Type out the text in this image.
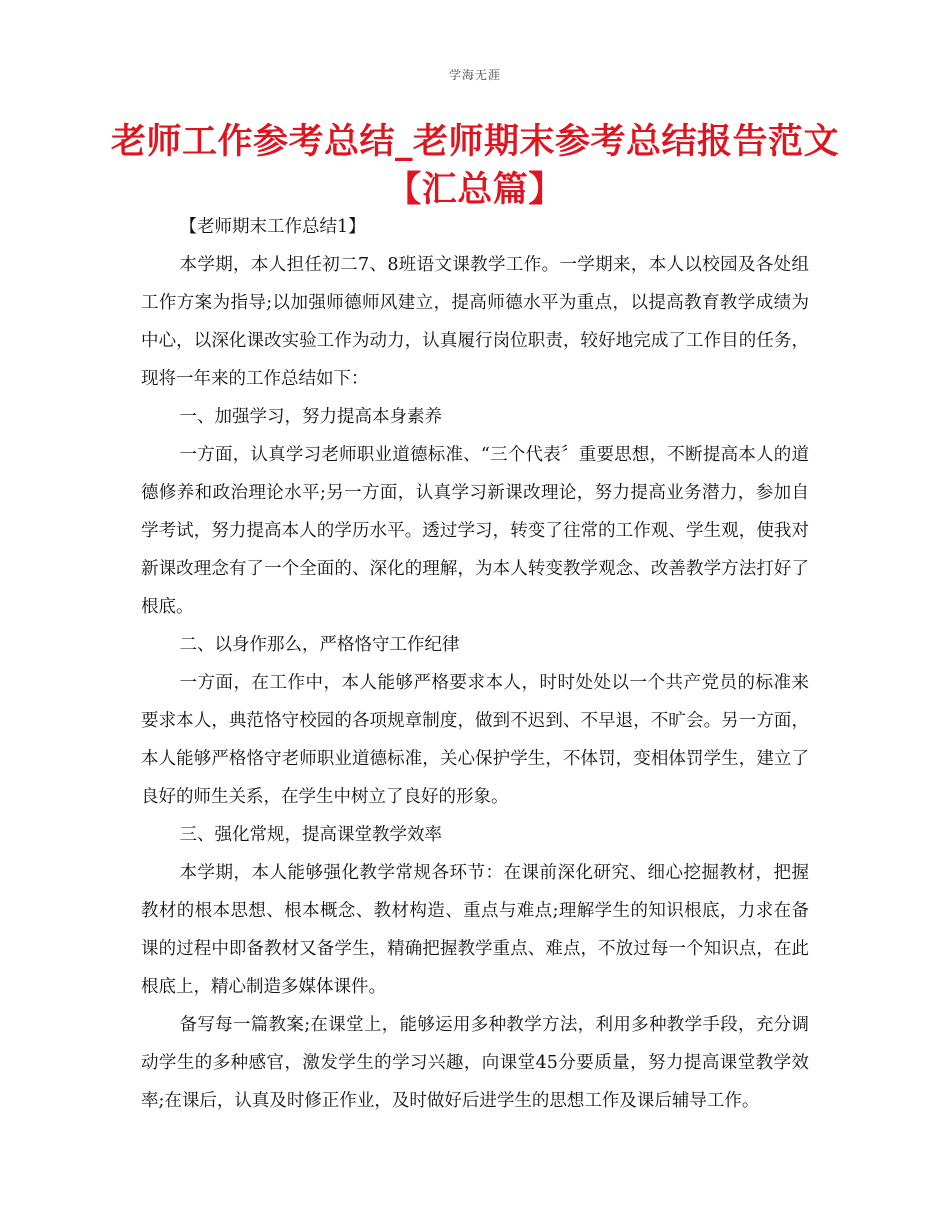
学海无涯
老师工作参考总结_老师期末参考总结报告范文
【汇总篇】

【老师期末工作总结1】

本学期，本人担任初二7、8班语文课教学工作。一学期来，本人以校园及各处组工作方案为指导;以加强师德师风建立，提高师德水平为重点，以提高教育教学成绩为中心，以深化课改实验工作为动力，认真履行岗位职责，较好地完成了工作目的任务，现将一年来的工作总结如下：

一、加强学习，努力提高本身素养

一方面，认真学习老师职业道德标准、“三个代表〞重要思想，不断提高本人的道德修养和政治理论水平;另一方面，认真学习新课改理论，努力提高业务潜力，参加自学考试，努力提高本人的学历水平。透过学习，转变了往常的工作观、学生观，使我对新课改理念有了一个全面的、深化的理解，为本人转变教学观念、改善教学方法打好了根底。

二、以身作那么，严格恪守工作纪律

一方面，在工作中，本人能够严格要求本人，时时处处以一个共产党员的标准来要求本人，典范恪守校园的各项规章制度，做到不迟到、不早退，不旷会。另一方面，本人能够严格恪守老师职业道德标准，关心保护学生，不体罚，变相体罚学生，建立了良好的师生关系，在学生中树立了良好的形象。

三、强化常规，提高课堂教学效率

本学期，本人能够强化教学常规各环节：在课前深化研究、细心挖掘教材，把握教材的根本思想、根本概念、教材构造、重点与难点;理解学生的知识根底，力求在备课的过程中即备教材又备学生，精确把握教学重点、难点，不放过每一个知识点，在此根底上，精心制造多媒体课件。

备写每一篇教案;在课堂上，能够运用多种教学方法，利用多种教学手段，充分调动学生的多种感官，激发学生的学习兴趣，向课堂45分要质量，努力提高课堂教学效率;在课后，认真及时修正作业，及时做好后进学生的思想工作及课后辅导工作。
